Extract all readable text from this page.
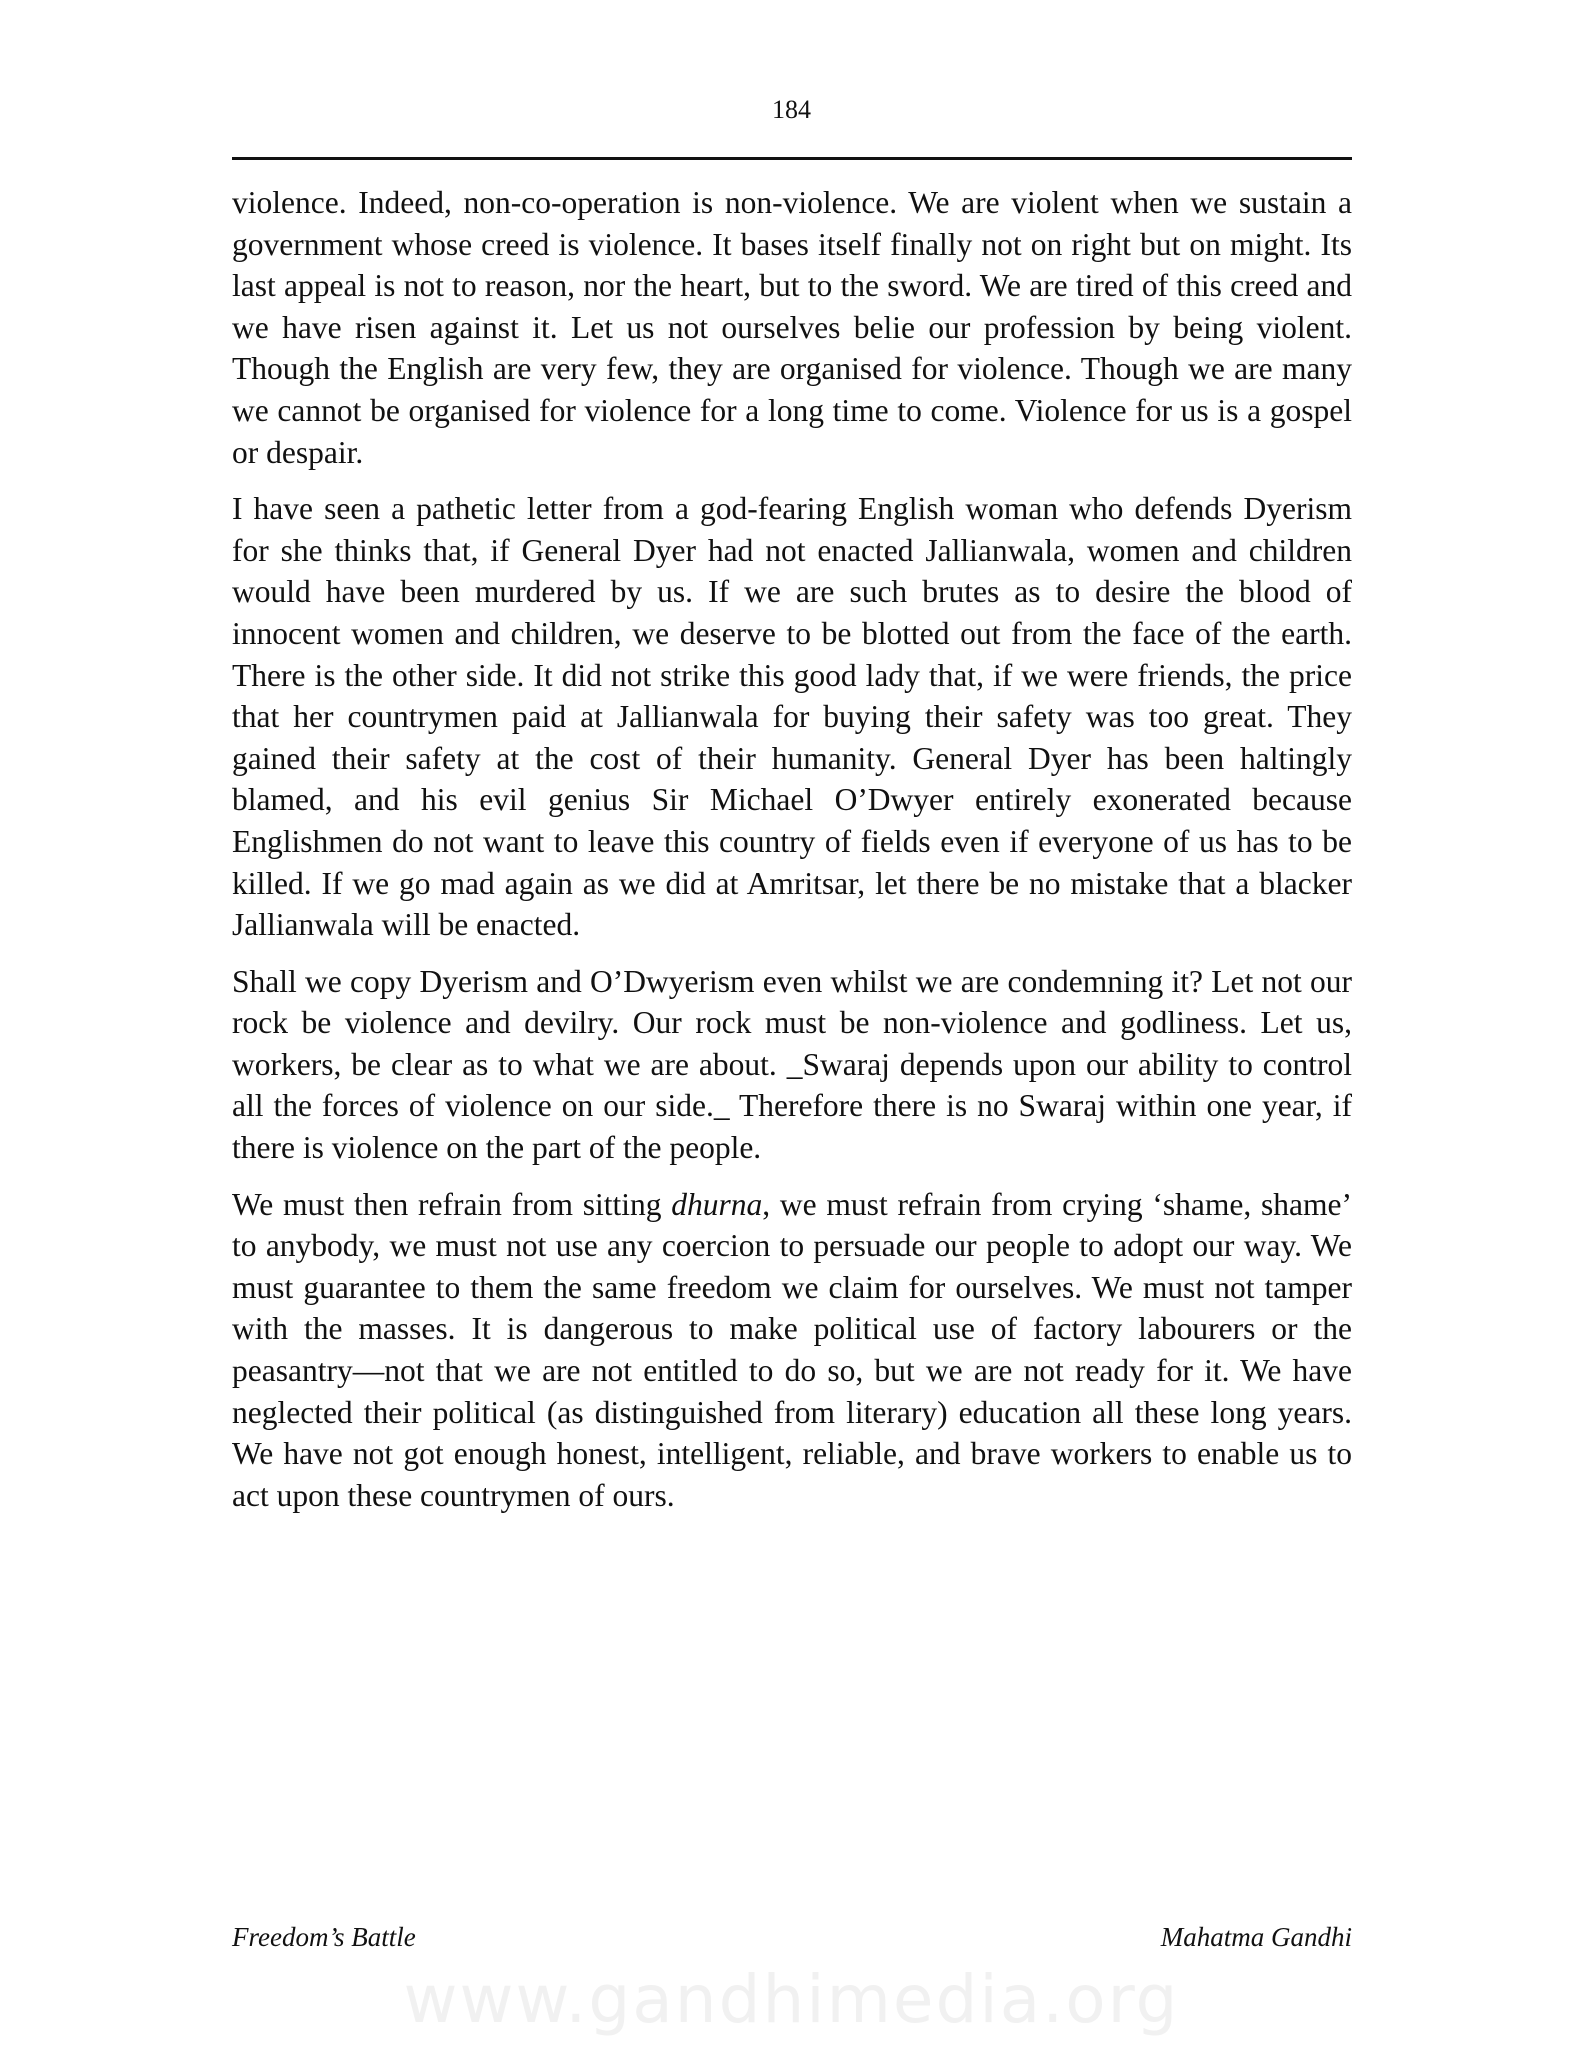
184

violence. Indeed, non-co-operation is non-violence. We are violent when we sustain a government whose creed is violence. It bases itself finally not on right but on might. Its last appeal is not to reason, nor the heart, but to the sword. We are tired of this creed and we have risen against it. Let us not ourselves belie our profession by being violent. Though the English are very few, they are organised for violence. Though we are many we cannot be organised for violence for a long time to come. Violence for us is a gospel or despair.

I have seen a pathetic letter from a god-fearing English woman who defends Dyerism for she thinks that, if General Dyer had not enacted Jallianwala, women and children would have been murdered by us. If we are such brutes as to desire the blood of innocent women and children, we deserve to be blotted out from the face of the earth. There is the other side. It did not strike this good lady that, if we were friends, the price that her countrymen paid at Jallianwala for buying their safety was too great. They gained their safety at the cost of their humanity. General Dyer has been haltingly blamed, and his evil genius Sir Michael O’Dwyer entirely exonerated because Englishmen do not want to leave this country of fields even if everyone of us has to be killed. If we go mad again as we did at Amritsar, let there be no mistake that a blacker Jallianwala will be enacted.

Shall we copy Dyerism and O’Dwyerism even whilst we are condemning it? Let not our rock be violence and devilry. Our rock must be non-violence and godliness. Let us, workers, be clear as to what we are about. _Swaraj depends upon our ability to control all the forces of violence on our side._ Therefore there is no Swaraj within one year, if there is violence on the part of the people.

We must then refrain from sitting dhurna, we must refrain from crying ‘shame, shame’ to anybody, we must not use any coercion to persuade our people to adopt our way. We must guarantee to them the same freedom we claim for ourselves. We must not tamper with the masses. It is dangerous to make political use of factory labourers or the peasantry—not that we are not entitled to do so, but we are not ready for it. We have neglected their political (as distinguished from literary) education all these long years. We have not got enough honest, intelligent, reliable, and brave workers to enable us to act upon these countrymen of ours.

Freedom’s Battle	Mahatma Gandhi
www.gandhimedia.org
